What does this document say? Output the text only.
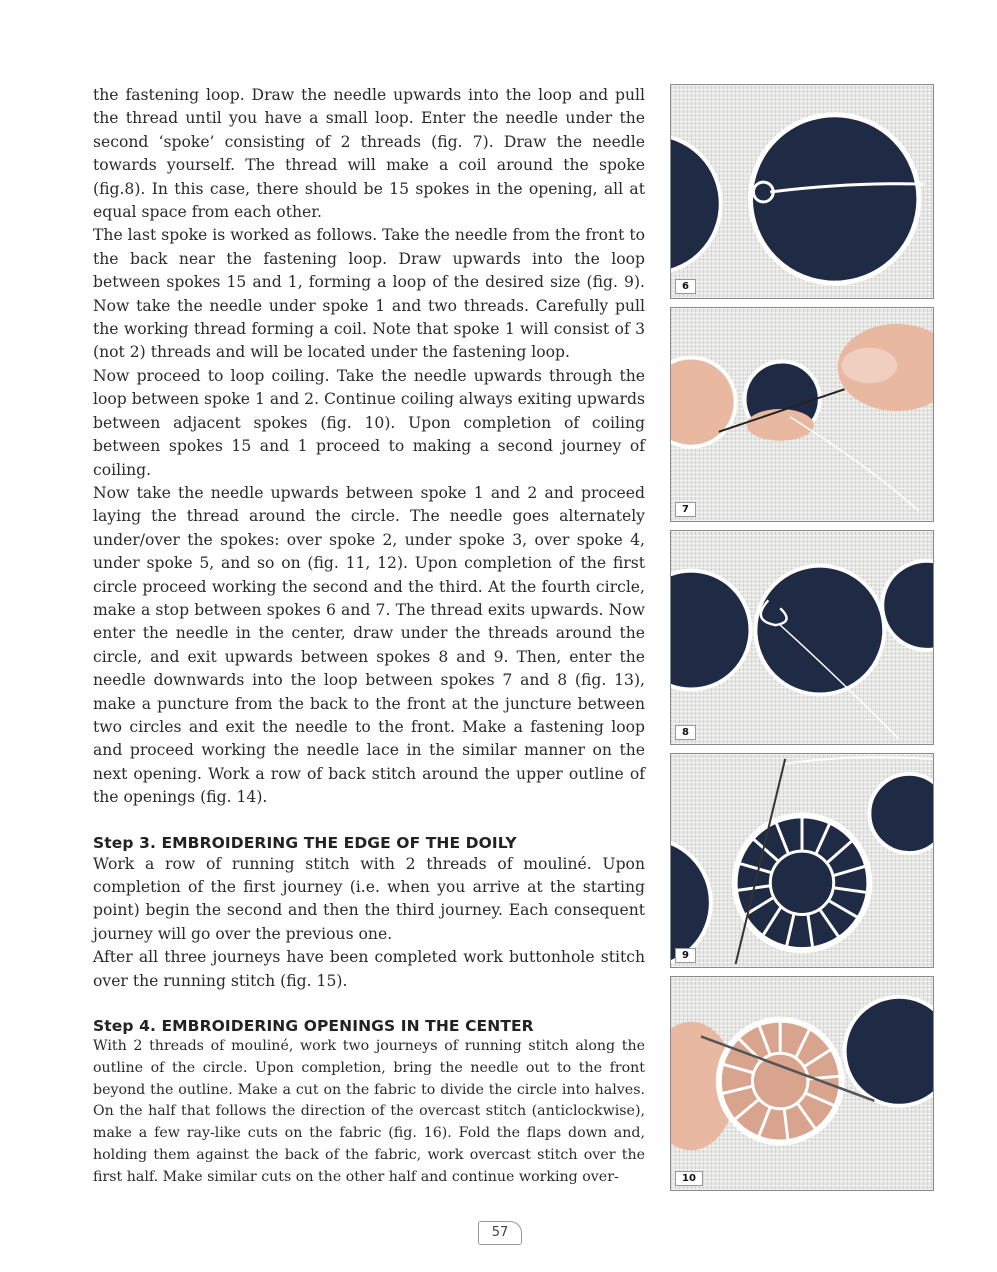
the fastening loop. Draw the needle upwards into the loop and pull the thread until you have a small loop. Enter the needle under the second ‘spoke’ consisting of 2 threads (fig. 7). Draw the needle towards yourself. The thread will make a coil around the spoke (fig.8). In this case, there should be 15 spokes in the opening, all at equal space from each other.

The last spoke is worked as follows. Take the needle from the front to the back near the fastening loop. Draw upwards into the loop between spokes 15 and 1, forming a loop of the desired size (fig. 9). Now take the needle under spoke 1 and two threads. Carefully pull the working thread forming a coil. Note that spoke 1 will consist of 3 (not 2) threads and will be located under the fastening loop.

Now proceed to loop coiling. Take the needle upwards through the loop between spoke 1 and 2. Continue coiling always exiting upwards between adjacent spokes (fig. 10). Upon completion of coiling between spokes 15 and 1 proceed to making a second journey of coiling.

Now take the needle upwards between spoke 1 and 2 and proceed laying the thread around the circle. The needle goes alternately under/over the spokes: over spoke 2, under spoke 3, over spoke 4, under spoke 5, and so on (fig. 11, 12). Upon completion of the first circle proceed working the second and the third. At the fourth circle, make a stop between spokes 6 and 7. The thread exits upwards. Now enter the needle in the center, draw under the threads around the circle, and exit upwards between spokes 8 and 9. Then, enter the needle downwards into the loop between spokes 7 and 8 (fig. 13), make a puncture from the back to the front at the juncture between two circles and exit the needle to the front. Make a fastening loop and proceed working the needle lace in the similar manner on the next opening. Work a row of back stitch around the upper outline of the openings (fig. 14).

Step 3. EMBROIDERING THE EDGE OF THE DOILY

Work a row of running stitch with 2 threads of mouliné. Upon completion of the first journey (i.e. when you arrive at the starting point) begin the second and then the third journey. Each consequent journey will go over the previous one.

After all three journeys have been completed work buttonhole stitch over the running stitch (fig. 15).

Step 4. EMBROIDERING OPENINGS IN THE CENTER

With 2 threads of mouliné, work two journeys of running stitch along the outline of the circle. Upon completion, bring the needle out to the front beyond the outline. Make a cut on the fabric to divide the circle into halves. On the half that follows the direction of the overcast stitch (anticlockwise), make a few ray-like cuts on the fabric (fig. 16). Fold the flaps down and, holding them against the back of the fabric, work overcast stitch over the first half. Make similar cuts on the other half and continue working over-

6
7
8
9
10
57
